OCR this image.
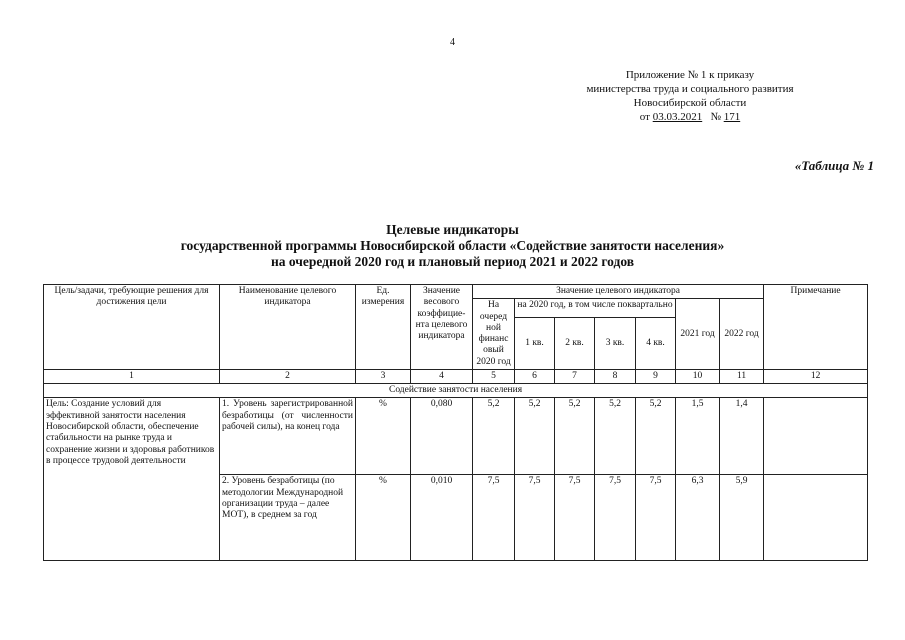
4
Приложение № 1 к приказу
министерства труда и социального развития
Новосибирской области
от 03.03.2021 № 171
«Таблица № 1
Целевые индикаторы
государственной программы Новосибирской области «Содействие занятости населения»
на очередной 2020 год и плановый период 2021 и 2022 годов
Цель/задачи, требующие решения для достижения цели	Наименование целевого индикатора	Ед. измерения	Значение весового коэффицие-нта целевого индикатора	Значение целевого индикатора							Примечание
				На очеред ной финанс овый 2020 год	на 2020 год, в том числе поквартально				2021 год	2022 год	
					1 кв.	2 кв.	3 кв.	4 кв.			
1	2	3	4	5	6	7	8	9	10	11	12
Содействие занятости населения											
Цель: Создание условий для эффективной занятости населения Новосибирской области, обеспечение стабильности на рынке труда и сохранение жизни и здоровья работников в процессе трудовой деятельности	1. Уровень зарегистрированной безработицы (от численности рабочей силы), на конец года	%	0,080	5,2	5,2	5,2	5,2	5,2	1,5	1,4	
	2. Уровень безработицы (по методологии Международной организации труда – далее МОТ), в среднем за год	%	0,010	7,5	7,5	7,5	7,5	7,5	6,3	5,9	
